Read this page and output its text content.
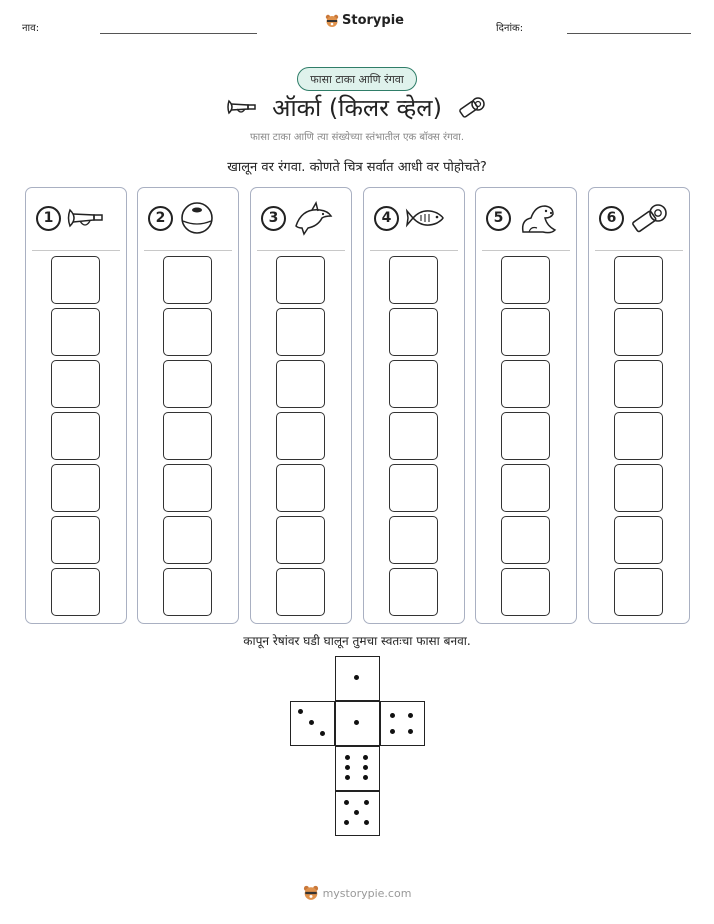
नाव:
Storypie
दिनांक:
फासा टाका आणि रंगवा
ऑर्का (किलर व्हेल)
फासा टाका आणि त्या संख्येच्या स्तंभातील एक बॉक्स रंगवा.
खालून वर रंगवा. कोणते चित्र सर्वात आधी वर पोहोचते?
1	2	3	4	5	6
कापून रेषांवर घडी घालून तुमचा स्वतःचा फासा बनवा.
mystorypie.com
